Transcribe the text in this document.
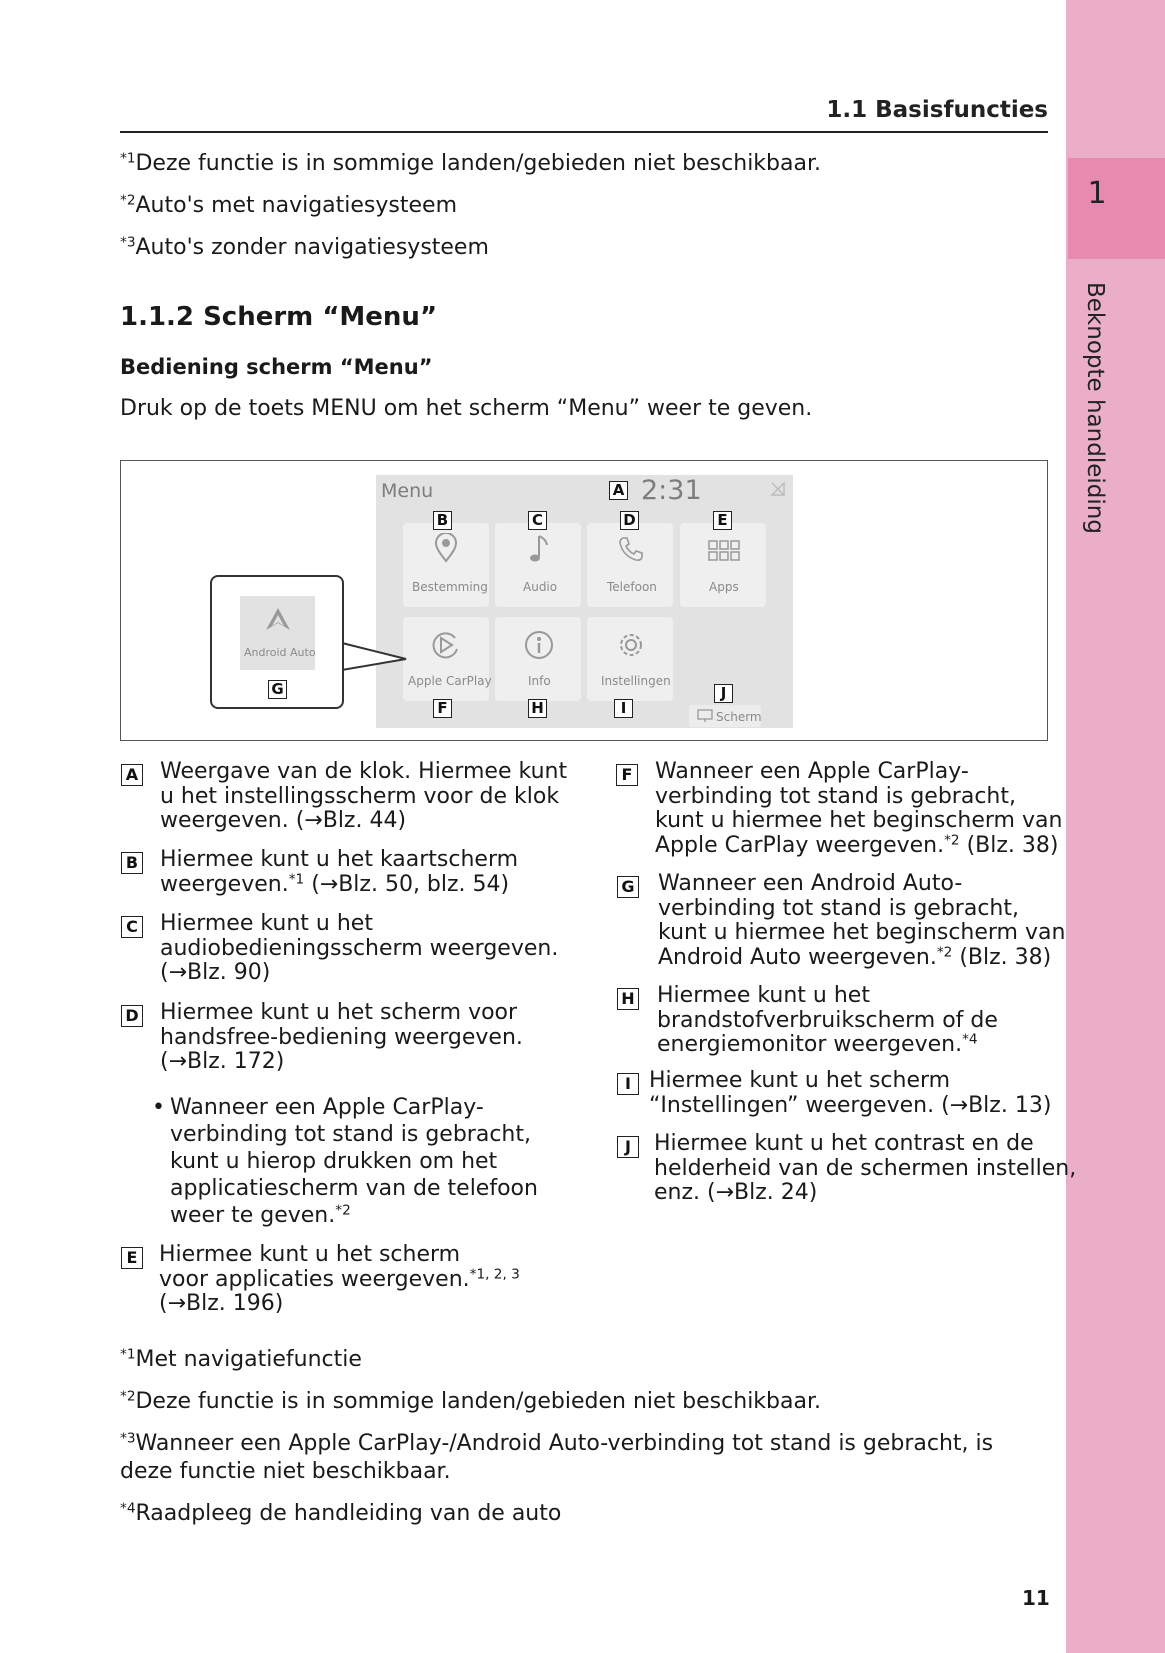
1
Beknopte handleiding
1.1 Basisfuncties
$^{*1}$Deze functie is in sommige landen/gebieden niet beschikbaar.
$^{*2}$Auto's met navigatiesysteem
$^{*3}$Auto's zonder navigatiesysteem
1.1.2 Scherm “Menu”
Bediening scherm “Menu”
Druk op de toets MENU om het scherm “Menu” weer te geven.
Menu	2:31
Bestemming	Audio	Telefoon	Apps
Apple CarPlay	Info	Instellingen
Scherm
Android Auto
A
B	C	D	E
F
G
H	I
J
A Weergave van de klok. Hiermee kunt
u het instellingsscherm voor de klok
weergeven. (→Blz. 44)
B Hiermee kunt u het kaartscherm
weergeven.$^{*1}$ (→Blz. 50, blz. 54)
C Hiermee kunt u het
audiobedieningsscherm weergeven.
(→Blz. 90)
D Hiermee kunt u het scherm voor
handsfree-bediening weergeven.
(→Blz. 172)
• Wanneer een Apple CarPlay-
verbinding tot stand is gebracht,
kunt u hierop drukken om het
applicatiescherm van de telefoon
weer te geven.$^{*2}$
E Hiermee kunt u het scherm
voor applicaties weergeven.$^{*1, 2, 3}$
(→Blz. 196)
F Wanneer een Apple CarPlay-
verbinding tot stand is gebracht,
kunt u hiermee het beginscherm van
Apple CarPlay weergeven.$^{*2}$ (Blz. 38)
G Wanneer een Android Auto-
verbinding tot stand is gebracht,
kunt u hiermee het beginscherm van
Android Auto weergeven.$^{*2}$ (Blz. 38)
H Hiermee kunt u het
brandstofverbruikscherm of de
energiemonitor weergeven.$^{*4}$
I Hiermee kunt u het scherm
“Instellingen” weergeven. (→Blz. 13)
J	Hiermee kunt u het contrast en de
helderheid van de schermen instellen,
enz. (→Blz. 24)
$^{*1}$Met navigatiefunctie
$^{*2}$Deze functie is in sommige landen/gebieden niet beschikbaar.
$^{*3}$Wanneer een Apple CarPlay-/Android Auto-verbinding tot stand is gebracht, is deze functie niet beschikbaar.
$^{*4}$Raadpleeg de handleiding van de auto
11
